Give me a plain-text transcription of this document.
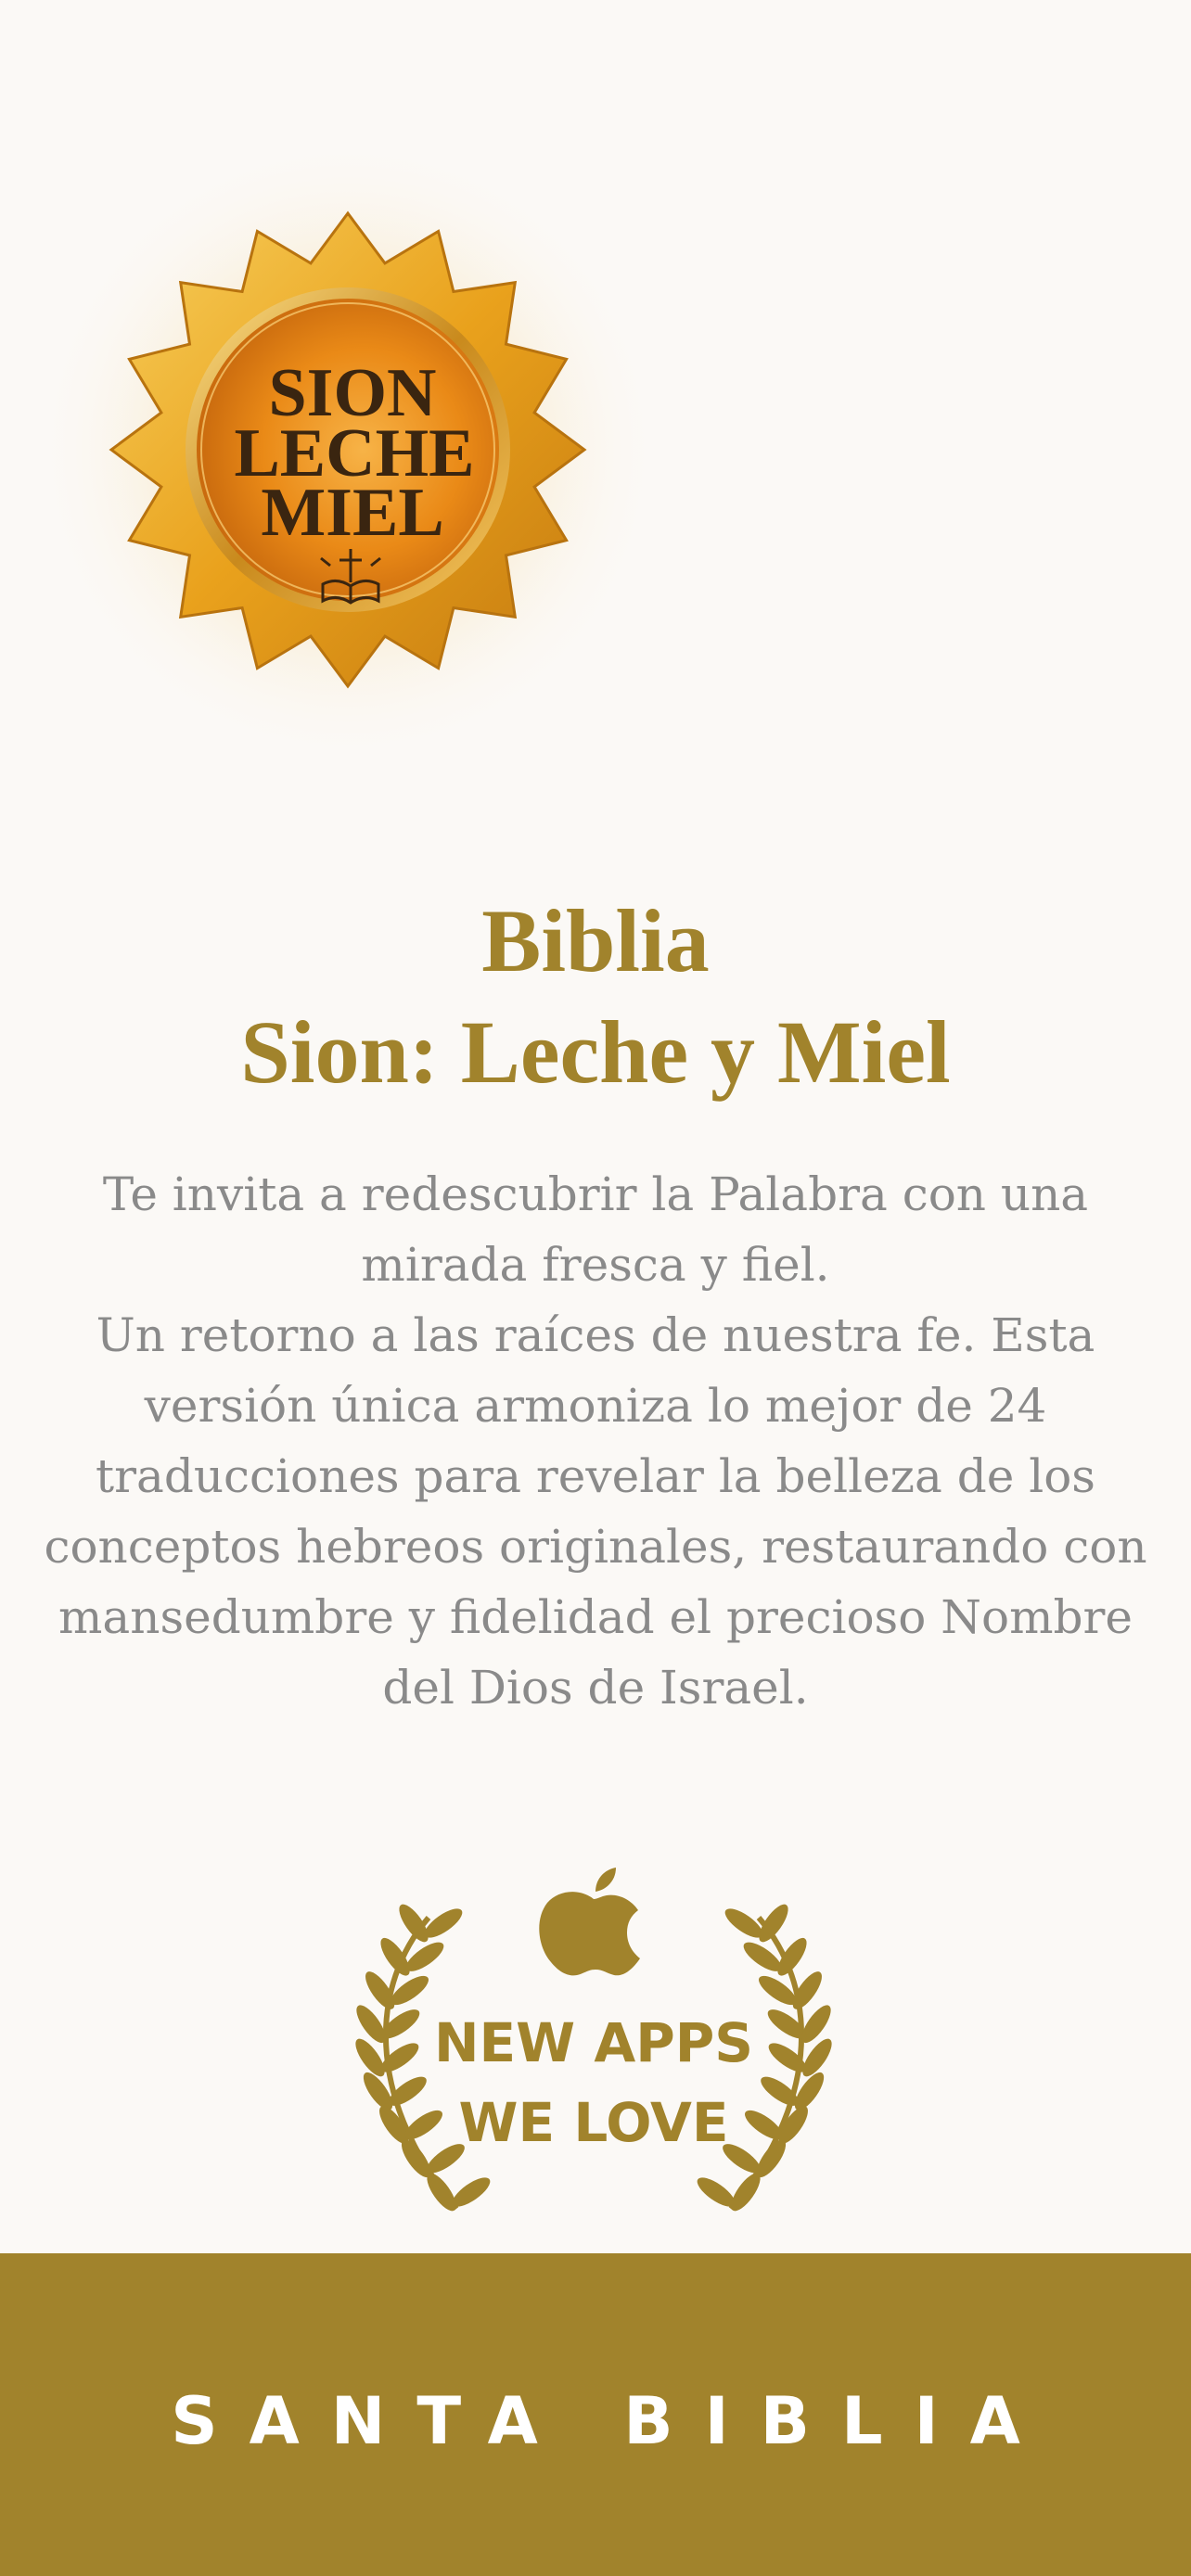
SION
LECHE
MIEL
Biblia
Sion: Leche y Miel

Te invita a redescubrir la Palabra con una mirada fresca y fiel.

Un retorno a las raíces de nuestra fe. Esta versión única armoniza lo mejor de 24 traducciones para revelar la belleza de los conceptos hebreos originales, restaurando con mansedumbre y fidelidad el precioso Nombre del Dios de Israel.

NEW APPS
WE LOVE
SANTA BIBLIA
